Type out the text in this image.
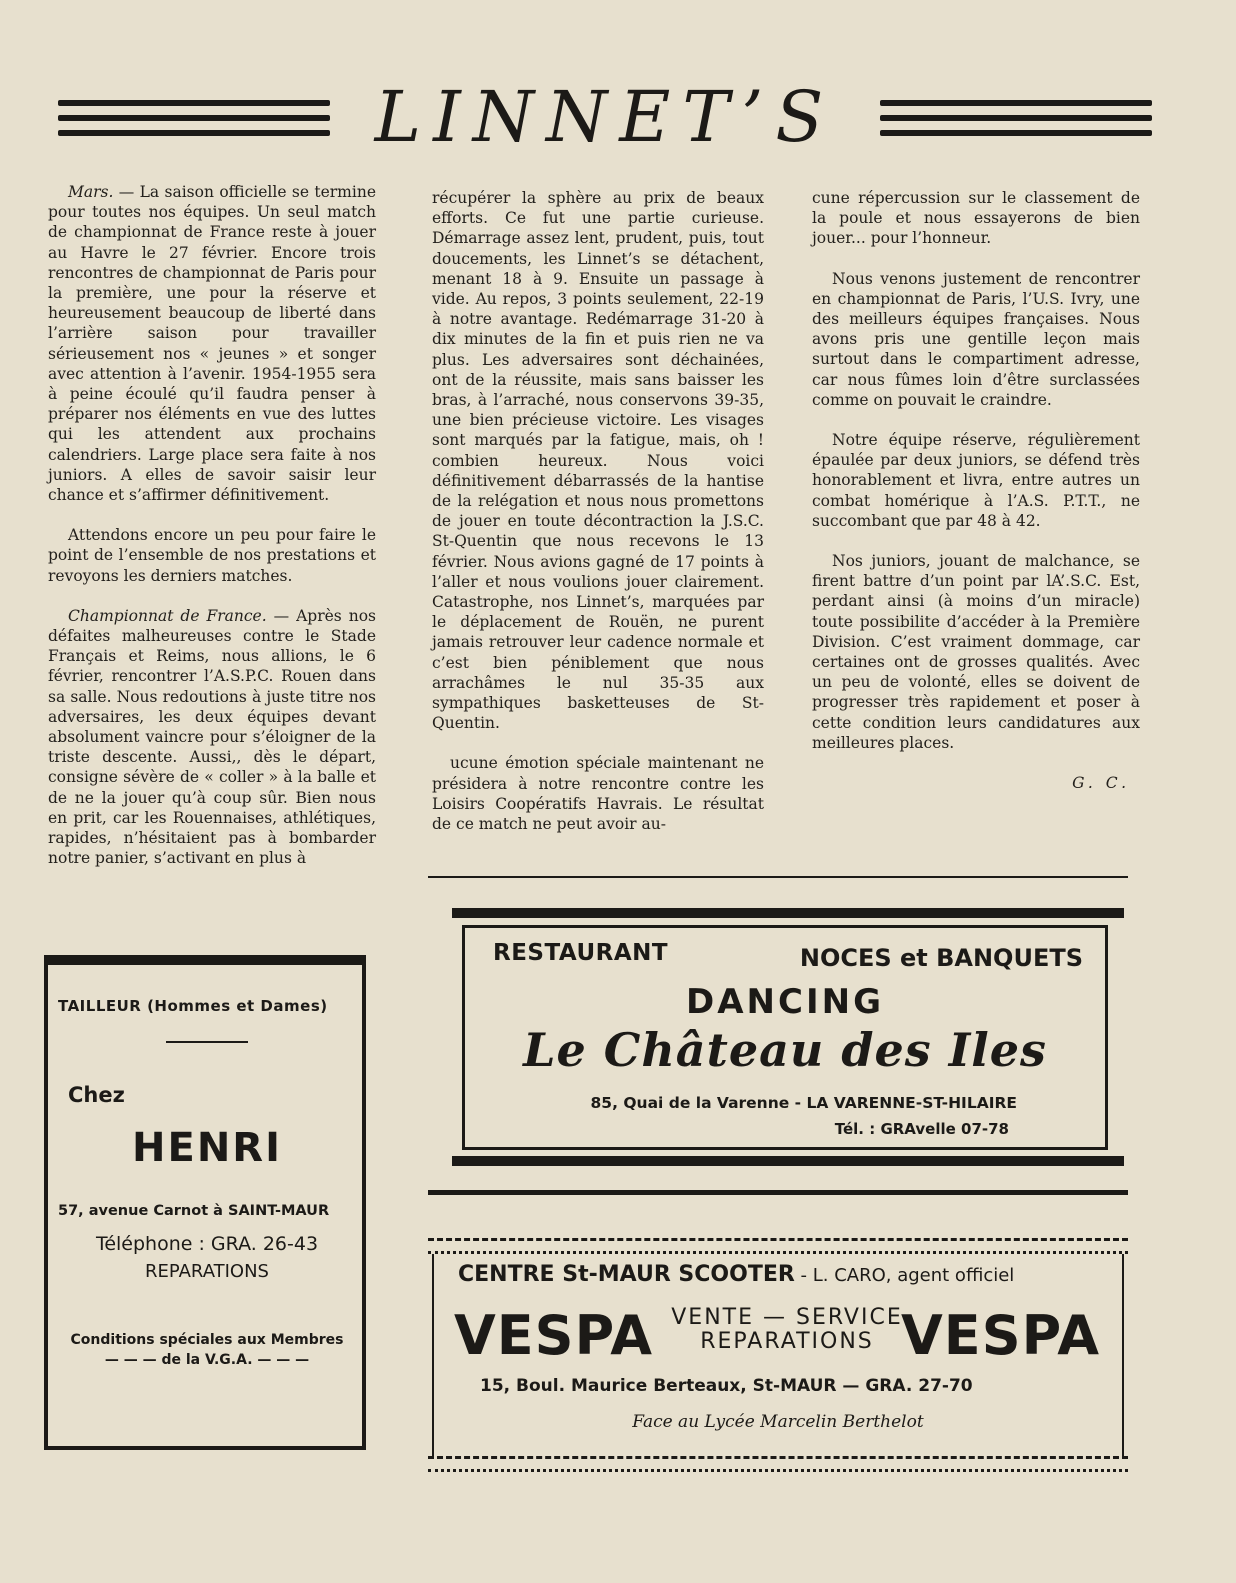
LINNET’S

Mars. — La saison officielle se termine pour toutes nos équipes. Un seul match de championnat de France reste à jouer au Havre le 27 février. Encore trois rencontres de championnat de Paris pour la première, une pour la réserve et heureusement beaucoup de liberté dans l’arrière saison pour travailler sérieusement nos « jeunes » et songer avec attention à l’avenir. 1954-1955 sera à peine écoulé qu’il faudra penser à préparer nos éléments en vue des luttes qui les attendent aux prochains calendriers. Large place sera faite à nos juniors. A elles de savoir saisir leur chance et s’affirmer définitivement.

Attendons encore un peu pour faire le point de l’ensemble de nos prestations et revoyons les derniers matches.

Championnat de France. — Après nos défaites malheureuses contre le Stade Français et Reims, nous allions, le 6 février, rencontrer l’A.S.P.C. Rouen dans sa salle. Nous redoutions à juste titre nos adversaires, les deux équipes devant absolument vaincre pour s’éloigner de la triste descente. Aussi,, dès le départ, consigne sévère de « coller » à la balle et de ne la jouer qu’à coup sûr. Bien nous en prit, car les Rouennaises, athlétiques, rapides, n’hésitaient pas à bombarder notre panier, s’activant en plus à

récupérer la sphère au prix de beaux efforts. Ce fut une partie curieuse. Démarrage assez lent, prudent, puis, tout doucements, les Linnet’s se détachent, menant 18 à 9. Ensuite un passage à vide. Au repos, 3 points seulement, 22-19 à notre avantage. Redémarrage 31-20 à dix minutes de la fin et puis rien ne va plus. Les adversaires sont déchainées, ont de la réussite, mais sans baisser les bras, à l’arraché, nous conservons 39-35, une bien précieuse victoire. Les visages sont marqués par la fatigue, mais, oh ! combien heureux. Nous voici définitivement débarrassés de la hantise de la relégation et nous nous promettons de jouer en toute décontraction la J.S.C. St-Quentin que nous recevons le 13 février. Nous avions gagné de 17 points à l’aller et nous voulions jouer clairement. Catastrophe, nos Linnet’s, marquées par le déplacement de Rouën, ne purent jamais retrouver leur cadence normale et c’est bien péniblement que nous arrachâmes le nul 35-35 aux sympathiques basketteuses de St-Quentin.

ucune émotion spéciale maintenant ne présidera à notre rencontre contre les Loisirs Coopératifs Havrais. Le résultat de ce match ne peut avoir au-

cune répercussion sur le classement de la poule et nous essayerons de bien jouer... pour l’honneur.

Nous venons justement de rencontrer en championnat de Paris, l’U.S. Ivry, une des meilleurs équipes françaises. Nous avons pris une gentille leçon mais surtout dans le compartiment adresse, car nous fûmes loin d’être surclassées comme on pouvait le craindre.

Notre équipe réserve, régulièrement épaulée par deux juniors, se défend très honorablement et livra, entre autres un combat homérique à l’A.S. P.T.T., ne succombant que par 48 à 42.

Nos juniors, jouant de malchance, se firent battre d’un point par lA’.S.C. Est, perdant ainsi (à moins d’un miracle) toute possibilite d’accéder à la Première Division. C’est vraiment dommage, car certaines ont de grosses qualités. Avec un peu de volonté, elles se doivent de progresser très rapidement et poser à cette condition leurs candidatures aux meilleures places.

G. C.
TAILLEUR (Hommes et Dames)
Chez
HENRI
57, avenue Carnot à SAINT-MAUR
Téléphone : GRA. 26-43
REPARATIONS
Conditions spéciales aux Membres
— — — de la V.G.A. — — —
RESTAURANT	NOCES et BANQUETS
DANCING
Le Château des Iles
85, Quai de la Varenne - LA VARENNE-ST-HILAIRE
Tél. : GRAvelle 07-78
CENTRE St-MAUR SCOOTER - L. CARO, agent officiel
VESPA VENTE — SERVICE
REPARATIONS VESPA
15, Boul. Maurice Berteaux, St-MAUR — GRA. 27-70
Face au Lycée Marcelin Berthelot
